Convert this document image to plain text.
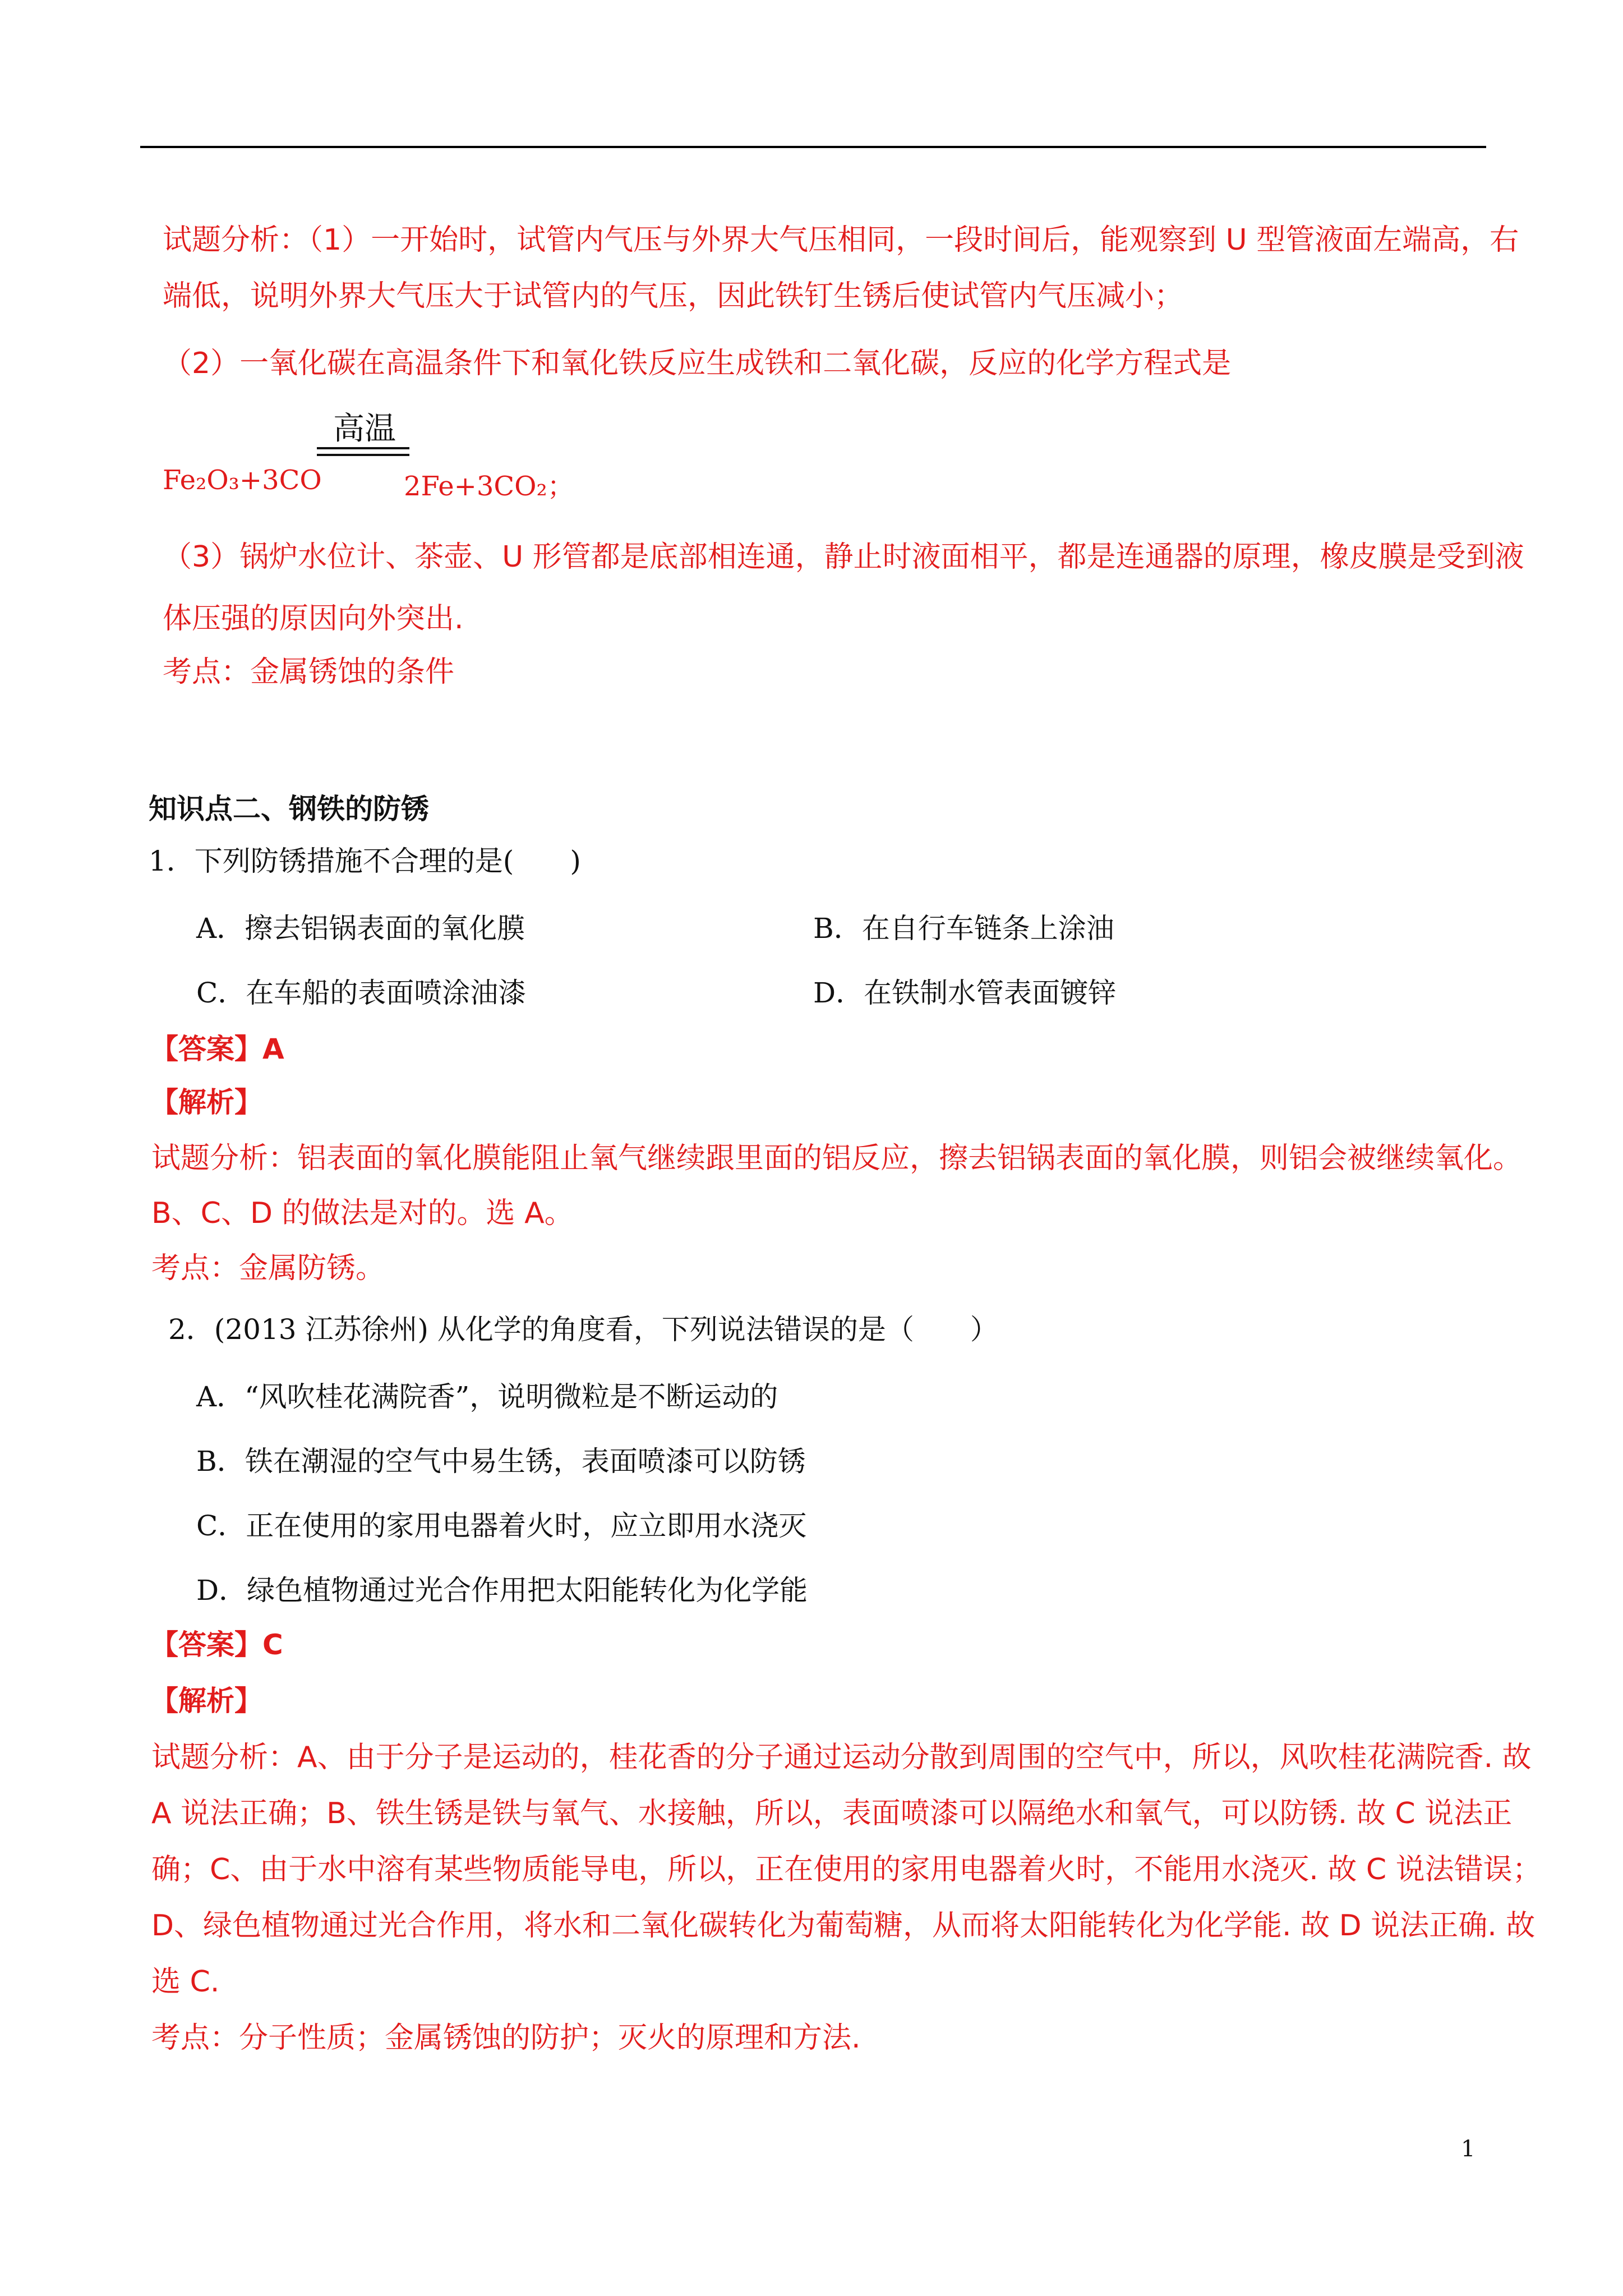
试题分析：（1）一开始时，试管内气压与外界大气压相同，一段时间后，能观察到 U 型管液面左端高，右
端低，说明外界大气压大于试管内的气压，因此铁钉生锈后使试管内气压减小；
（2）一氧化碳在高温条件下和氧化铁反应生成铁和二氧化碳，反应的化学方程式是
高温
Fe₂O₃+3CO	2Fe+3CO₂；
（3）锅炉水位计、茶壶、U 形管都是底部相连通，静止时液面相平，都是连通器的原理，橡皮膜是受到液
体压强的原因向外突出.
考点：金属锈蚀的条件
知识点二、钢铁的防锈
1．下列防锈措施不合理的是(　　)
A．擦去铝锅表面的氧化膜	B．在自行车链条上涂油
C．在车船的表面喷涂油漆	D．在铁制水管表面镀锌
【答案】A
【解析】
试题分析：铝表面的氧化膜能阻止氧气继续跟里面的铝反应，擦去铝锅表面的氧化膜，则铝会被继续氧化。
B、C、D 的做法是对的。选 A。
考点：金属防锈。
2．(2013 江苏徐州) 从化学的角度看，下列说法错误的是（　　）
A．“风吹桂花满院香”，说明微粒是不断运动的
B．铁在潮湿的空气中易生锈，表面喷漆可以防锈
C．正在使用的家用电器着火时，应立即用水浇灭
D．绿色植物通过光合作用把太阳能转化为化学能
【答案】C
【解析】
试题分析：A、由于分子是运动的，桂花香的分子通过运动分散到周围的空气中，所以，风吹桂花满院香. 故
A 说法正确；B、铁生锈是铁与氧气、水接触，所以，表面喷漆可以隔绝水和氧气，可以防锈. 故 C 说法正
确；C、由于水中溶有某些物质能导电，所以，正在使用的家用电器着火时，不能用水浇灭. 故 C 说法错误；
D、绿色植物通过光合作用，将水和二氧化碳转化为葡萄糖，从而将太阳能转化为化学能. 故 D 说法正确. 故
选 C.
考点：分子性质；金属锈蚀的防护；灭火的原理和方法.
1
